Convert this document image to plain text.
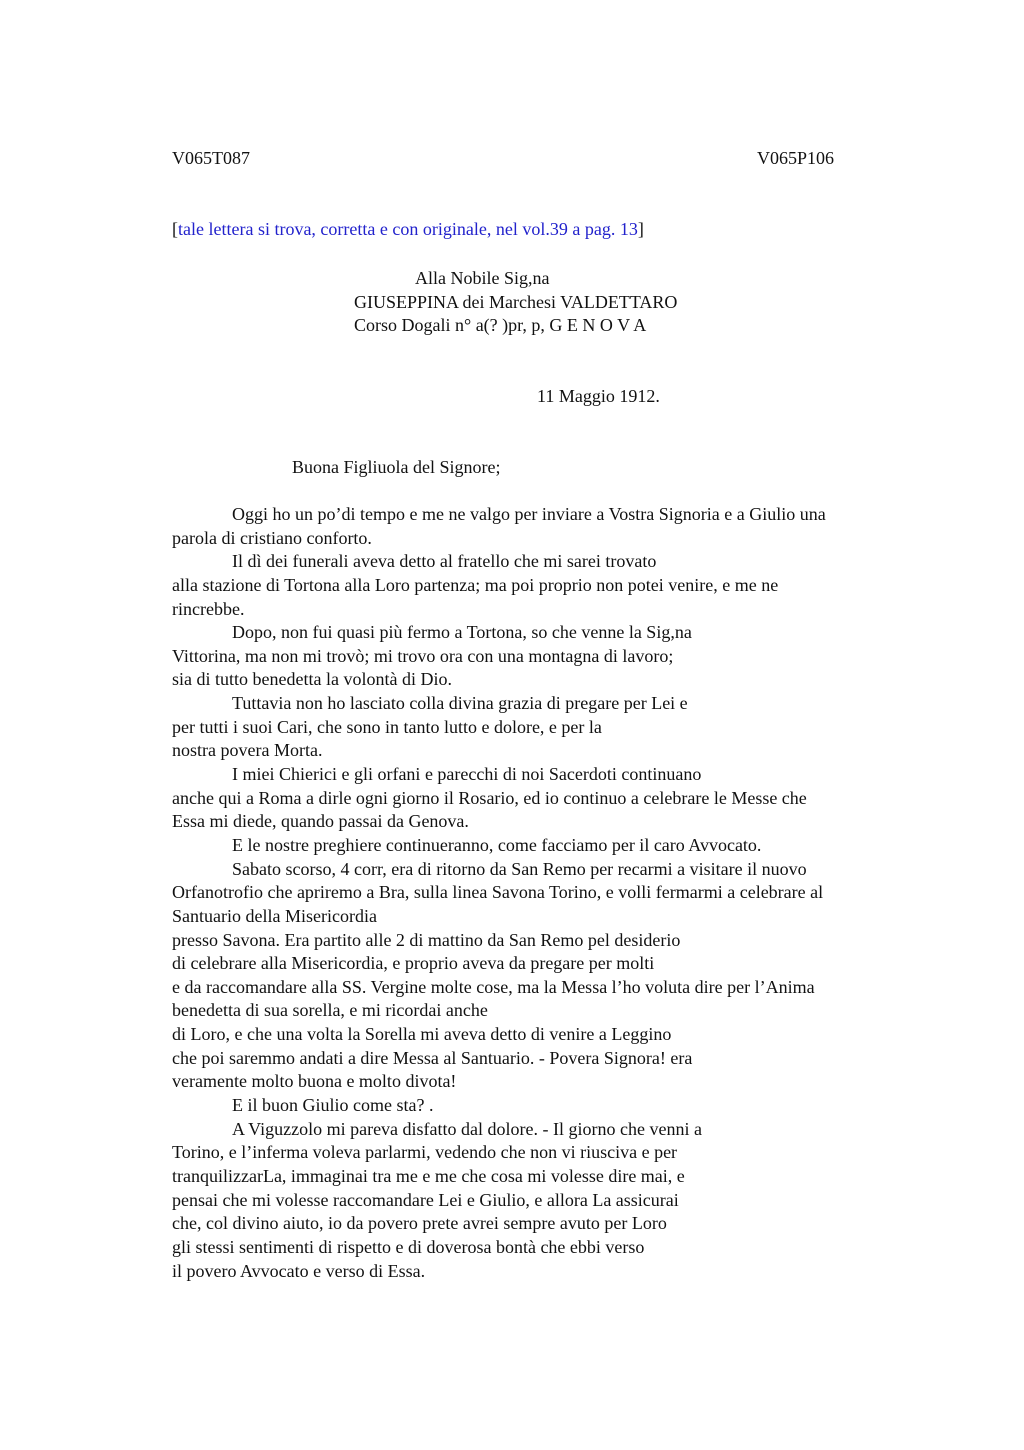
V065T087	V065P106
[tale lettera si trova, corretta e con originale, nel vol.39 a pag. 13]
Alla Nobile Sig,na
GIUSEPPINA dei Marchesi VALDETTARO
Corso Dogali n° a(? )pr, p, G E N O V A
11 Maggio 1912.
Buona Figliuola del Signore;
Oggi ho un po’di tempo e me ne valgo per inviare a Vostra Signoria e a Giulio una
parola di cristiano conforto.
Il dì dei funerali aveva detto al fratello che mi sarei trovato
alla stazione di Tortona alla Loro partenza; ma poi proprio non potei venire, e me ne
rincrebbe.
Dopo, non fui quasi più fermo a Tortona, so che venne la Sig,na
Vittorina, ma non mi trovò; mi trovo ora con una montagna di lavoro;
sia di tutto benedetta la volontà di Dio.
Tuttavia non ho lasciato colla divina grazia di pregare per Lei e
per tutti i suoi Cari, che sono in tanto lutto e dolore, e per la
nostra povera Morta.
I miei Chierici e gli orfani e parecchi di noi Sacerdoti continuano
anche qui a Roma a dirle ogni giorno il Rosario, ed io continuo a celebrare le Messe che
Essa mi diede, quando passai da Genova.
E le nostre preghiere continueranno, come facciamo per il caro Avvocato.
Sabato scorso, 4 corr, era di ritorno da San Remo per recarmi a visitare il nuovo
Orfanotrofio che apriremo a Bra, sulla linea Savona Torino, e volli fermarmi a celebrare al
Santuario della Misericordia
presso Savona. Era partito alle 2 di mattino da San Remo pel desiderio
di celebrare alla Misericordia, e proprio aveva da pregare per molti
e da raccomandare alla SS. Vergine molte cose, ma la Messa l’ho voluta dire per l’Anima
benedetta di sua sorella, e mi ricordai anche
di Loro, e che una volta la Sorella mi aveva detto di venire a Leggino
che poi saremmo andati a dire Messa al Santuario. - Povera Signora! era
veramente molto buona e molto divota!
E il buon Giulio come sta? .
A Viguzzolo mi pareva disfatto dal dolore. - Il giorno che venni a
Torino, e l’inferma voleva parlarmi, vedendo che non vi riusciva e per
tranquilizzarLa, immaginai tra me e me che cosa mi volesse dire mai, e
pensai che mi volesse raccomandare Lei e Giulio, e allora La assicurai
che, col divino aiuto, io da povero prete avrei sempre avuto per Loro
gli stessi sentimenti di rispetto e di doverosa bontà che ebbi verso
il povero Avvocato e verso di Essa.
